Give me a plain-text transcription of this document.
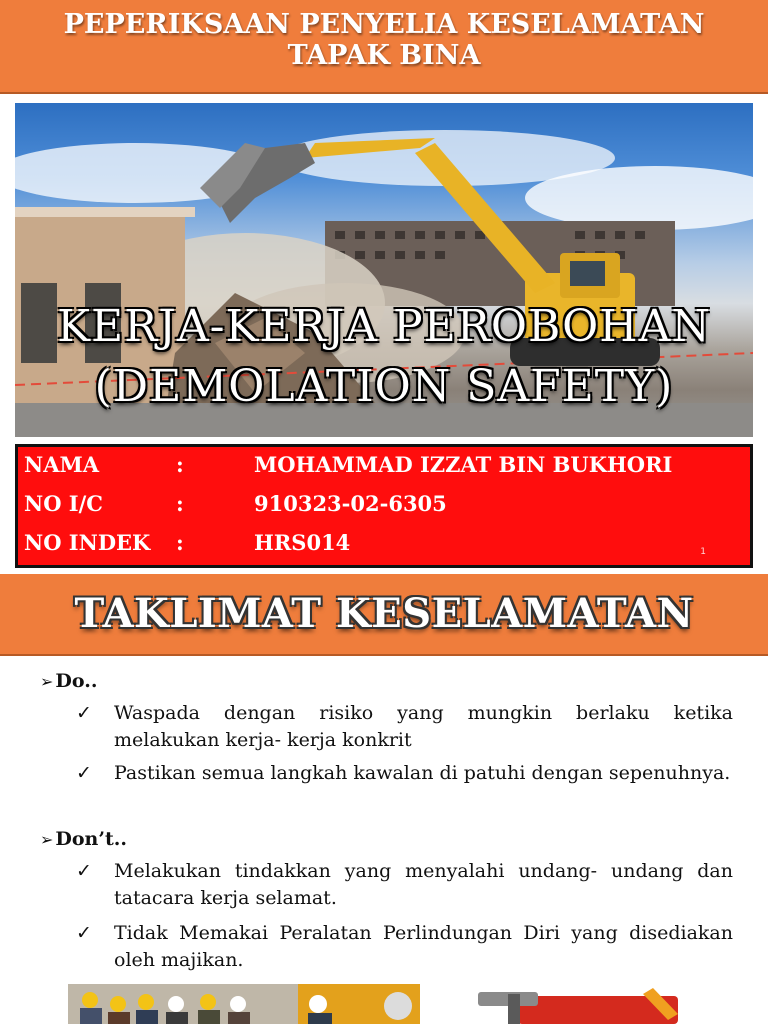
PEPERIKSAAN PENYELIA KESELAMATAN
TAPAK BINA
KERJA-KERJA PEROBOHAN
(DEMOLATION SAFETY)
NAMA	:	MOHAMMAD IZZAT BIN BUKHORI
NO I/C	:	910323-02-6305
NO INDEK :	HRS014	1
TAKLIMAT KESELAMATAN
➢ Do..
✓ Waspada dengan risiko yang mungkin berlaku ketika melakukan kerja- kerja konkrit
✓ Pastikan semua langkah kawalan di patuhi dengan sepenuhnya.
➢ Don’t..
✓ Melakukan tindakkan yang menyalahi undang- undang dan tatacara kerja selamat.
✓ Tidak Memakai Peralatan Perlindungan Diri yang disediakan oleh majikan.
